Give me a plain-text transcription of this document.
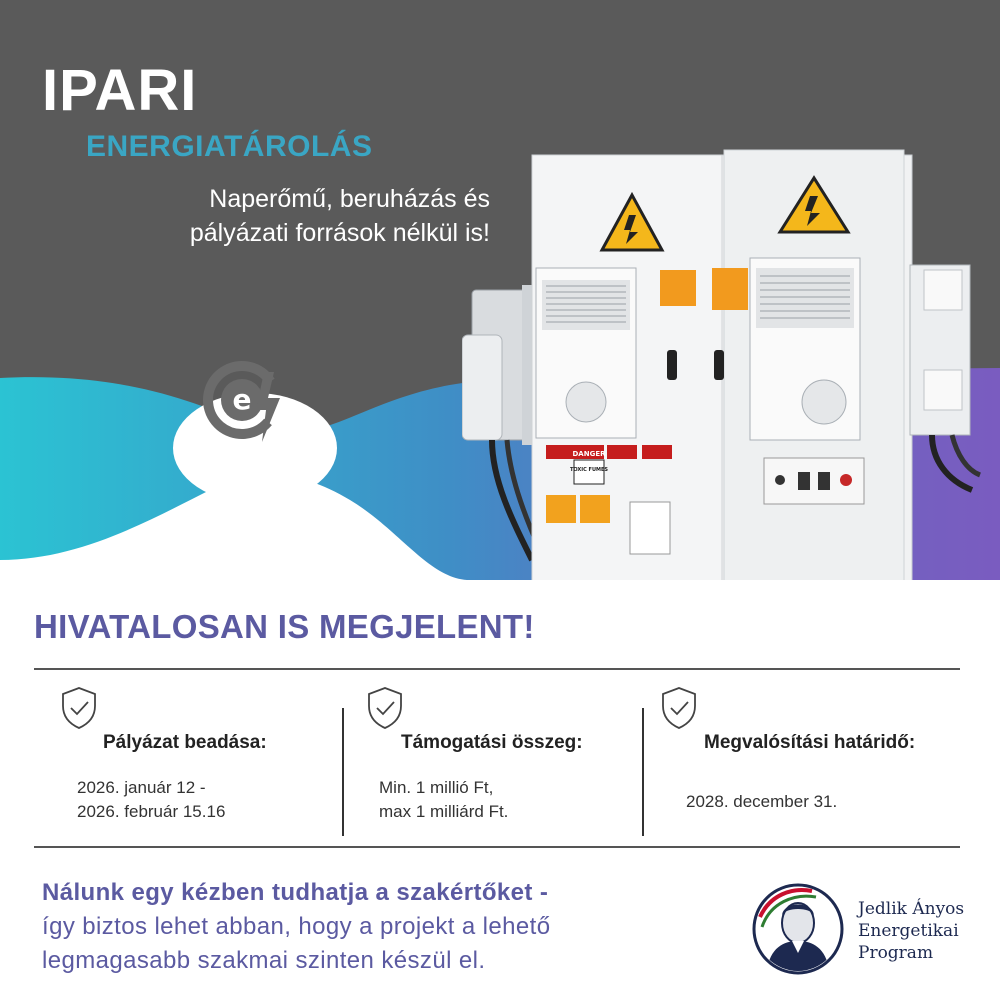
IPARI
ENERGIATÁROLÁS
Naperőmű, beruházás és
pályázati források nélkül is!
e
DANGER
TOXIC FUMES
HIVATALOSAN IS MEGJELENT!
Pályázat beadása:
2026. január 12 -
2026. február 15.16
Támogatási összeg:
Min. 1 millió Ft,
max 1 milliárd Ft.
Megvalósítási határidő:
2028. december 31.
Nálunk egy kézben tudhatja a szakértőket -
így biztos lehet abban, hogy a projekt a lehető
legmagasabb szakmai szinten készül el.
Jedlik Ányos
Energetikai
Program
